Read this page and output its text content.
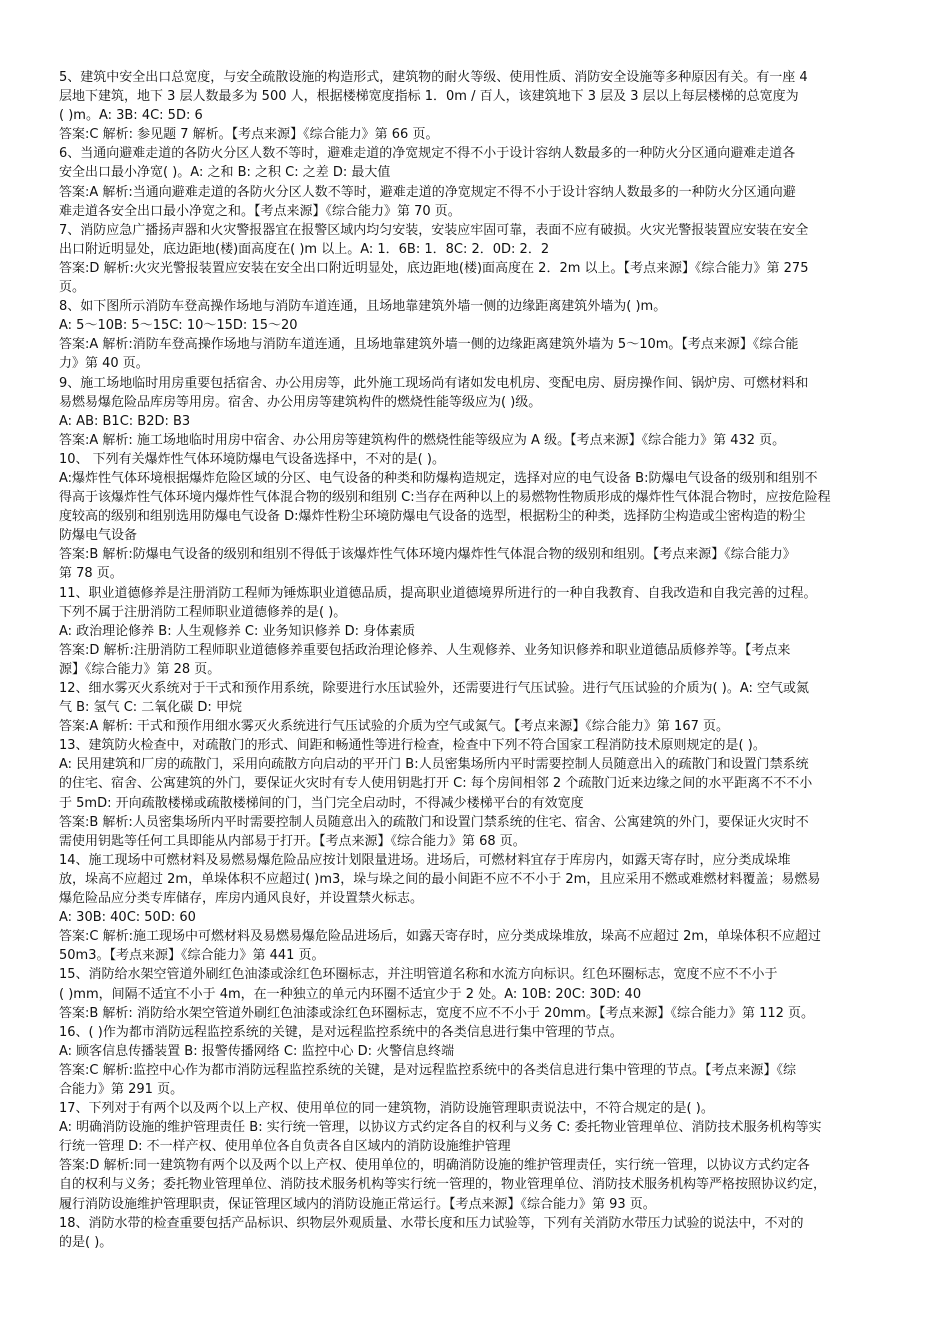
5、建筑中安全出口总宽度，与安全疏散设施的构造形式，建筑物的耐火等级、使用性质、消防安全设施等多种原因有关。有一座 4
层地下建筑，地下 3 层人数最多为 500 人，根据楼梯宽度指标 1．0m / 百人，该建筑地下 3 层及 3 层以上每层楼梯的总宽度为
( )m。A: 3B: 4C: 5D: 6
答案:C 解析: 参见题 7 解析。【考点来源】《综合能力》第 66 页。
6、当通向避难走道的各防火分区人数不等时，避难走道的净宽规定不得不小于设计容纳人数最多的一种防火分区通向避难走道各
安全出口最小净宽( )。A: 之和 B: 之积 C: 之差 D: 最大值
答案:A 解析:当通向避难走道的各防火分区人数不等时，避难走道的净宽规定不得不小于设计容纳人数最多的一种防火分区通向避
难走道各安全出口最小净宽之和。【考点来源】《综合能力》第 70 页。
7、消防应急广播扬声器和火灾警报器宜在报警区域内均匀安装，安装应牢固可靠，表面不应有破损。火灾光警报装置应安装在安全
出口附近明显处，底边距地(楼)面高度在( )m 以上。A: 1．6B: 1．8C: 2．0D: 2．2
答案:D 解析:火灾光警报装置应安装在安全出口附近明显处，底边距地(楼)面高度在 2．2m 以上。【考点来源】《综合能力》第 275
页。
8、如下图所示消防车登高操作场地与消防车道连通，且场地靠建筑外墙一侧的边缘距离建筑外墙为( )m。
A: 5～10B: 5～15C: 10～15D: 15～20
答案:A 解析:消防车登高操作场地与消防车道连通，且场地靠建筑外墙一侧的边缘距离建筑外墙为 5～10m。【考点来源】《综合能
力》第 40 页。
9、施工场地临时用房重要包括宿舍、办公用房等，此外施工现场尚有诸如发电机房、变配电房、厨房操作间、锅炉房、可燃材料和
易燃易爆危险品库房等用房。宿舍、办公用房等建筑构件的燃烧性能等级应为( )级。
A: AB: B1C: B2D: B3
答案:A 解析: 施工场地临时用房中宿舍、办公用房等建筑构件的燃烧性能等级应为 A 级。【考点来源】《综合能力》第 432 页。
10、 下列有关爆炸性气体环境防爆电气设备选择中，不对的是( )。
A:爆炸性气体环境根据爆炸危险区域的分区、电气设备的种类和防爆构造规定，选择对应的电气设备 B:防爆电气设备的级别和组别不
得高于该爆炸性气体环境内爆炸性气体混合物的级别和组别 C:当存在两种以上的易燃物性物质形成的爆炸性气体混合物时，应按危险程
度较高的级别和组别选用防爆电气设备 D:爆炸性粉尘环境防爆电气设备的选型，根据粉尘的种类，选择防尘构造或尘密构造的粉尘
防爆电气设备
答案:B 解析:防爆电气设备的级别和组别不得低于该爆炸性气体环境内爆炸性气体混合物的级别和组别。【考点来源】《综合能力》
第 78 页。
11、职业道德修养是注册消防工程师为锤炼职业道德品质，提高职业道德境界所进行的一种自我教育、自我改造和自我完善的过程。
下列不属于注册消防工程师职业道德修养的是( )。
A: 政治理论修养 B: 人生观修养 C: 业务知识修养 D: 身体素质
答案:D 解析:注册消防工程师职业道德修养重要包括政治理论修养、人生观修养、业务知识修养和职业道德品质修养等。【考点来
源】《综合能力》第 28 页。
12、细水雾灭火系统对于干式和预作用系统，除要进行水压试验外，还需要进行气压试验。进行气压试验的介质为( )。A: 空气或氮
气 B: 氢气 C: 二氧化碳 D: 甲烷
答案:A 解析: 干式和预作用细水雾灭火系统进行气压试验的介质为空气或氮气。【考点来源】《综合能力》第 167 页。
13、建筑防火检查中，对疏散门的形式、间距和畅通性等进行检查，检查中下列不符合国家工程消防技术原则规定的是( )。
A: 民用建筑和厂房的疏散门，采用向疏散方向启动的平开门 B:人员密集场所内平时需要控制人员随意出入的疏散门和设置门禁系统
的住宅、宿舍、公寓建筑的外门，要保证火灾时有专人使用钥匙打开 C: 每个房间相邻 2 个疏散门近来边缘之间的水平距离不不不小
于 5mD: 开向疏散楼梯或疏散楼梯间的门，当门完全启动时，不得减少楼梯平台的有效宽度
答案:B 解析:人员密集场所内平时需要控制人员随意出入的疏散门和设置门禁系统的住宅、宿舍、公寓建筑的外门，要保证火灾时不
需使用钥匙等任何工具即能从内部易于打开。【考点来源】《综合能力》第 68 页。
14、施工现场中可燃材料及易燃易爆危险品应按计划限量进场。进场后，可燃材料宜存于库房内，如露天寄存时，应分类成垛堆
放，垛高不应超过 2m，单垛体积不应超过( )m3，垛与垛之间的最小间距不应不不小于 2m，且应采用不燃或难燃材料覆盖；易燃易
爆危险品应分类专库储存，库房内通风良好，并设置禁火标志。
A: 30B: 40C: 50D: 60
答案:C 解析:施工现场中可燃材料及易燃易爆危险品进场后，如露天寄存时，应分类成垛堆放，垛高不应超过 2m，单垛体积不应超过
50m3。【考点来源】《综合能力》第 441 页。
15、消防给水架空管道外刷红色油漆或涂红色环圈标志，并注明管道名称和水流方向标识。红色环圈标志，宽度不应不不小于
( )mm，间隔不适宜不小于 4m，在一种独立的单元内环圈不适宜少于 2 处。A: 10B: 20C: 30D: 40
答案:B 解析: 消防给水架空管道外刷红色油漆或涂红色环圈标志，宽度不应不不小于 20mm。【考点来源】《综合能力》第 112 页。
16、( )作为都市消防远程监控系统的关键，是对远程监控系统中的各类信息进行集中管理的节点。
A: 顾客信息传播装置 B: 报警传播网络 C: 监控中心 D: 火警信息终端
答案:C 解析:监控中心作为都市消防远程监控系统的关键，是对远程监控系统中的各类信息进行集中管理的节点。【考点来源】《综
合能力》第 291 页。
17、下列对于有两个以及两个以上产权、使用单位的同一建筑物，消防设施管理职责说法中，不符合规定的是( )。
A: 明确消防设施的维护管理责任 B: 实行统一管理，以协议方式约定各自的权利与义务 C: 委托物业管理单位、消防技术服务机构等实
行统一管理 D: 不一样产权、使用单位各自负责各自区域内的消防设施维护管理
答案:D 解析:同一建筑物有两个以及两个以上产权、使用单位的，明确消防设施的维护管理责任，实行统一管理，以协议方式约定各
自的权利与义务；委托物业管理单位、消防技术服务机构等实行统一管理的，物业管理单位、消防技术服务机构等严格按照协议约定，
履行消防设施维护管理职责，保证管理区域内的消防设施正常运行。【考点来源】《综合能力》第 93 页。
18、消防水带的检查重要包括产品标识、织物层外观质量、水带长度和压力试验等，下列有关消防水带压力试验的说法中，不对的
的是( )。
